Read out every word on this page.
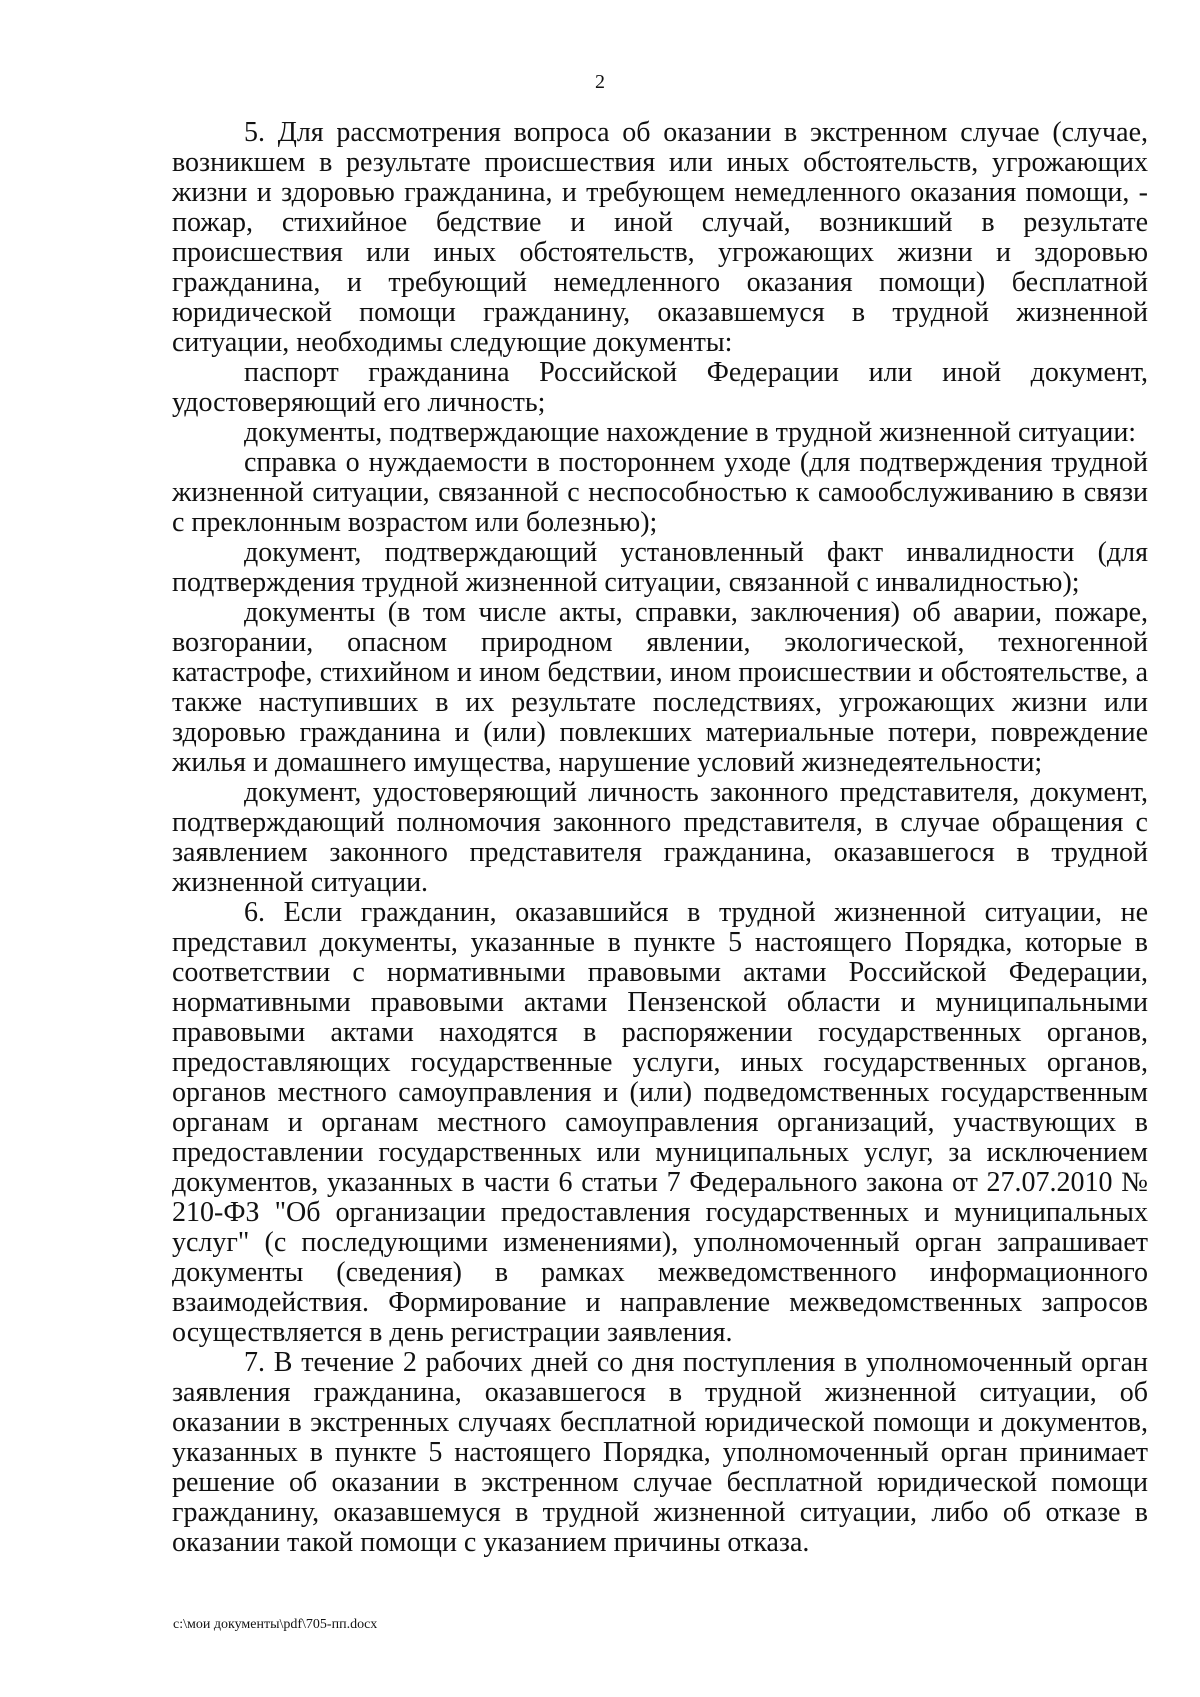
2

5. Для рассмотрения вопроса об оказании в экстренном случае (случае, возникшем в результате происшествия или иных обстоятельств, угрожающих жизни и здоровью гражданина, и требующем немедленного оказания помощи, - пожар, стихийное бедствие и иной случай, возникший в результате происшествия или иных обстоятельств, угрожающих жизни и здоровью гражданина, и требующий немедленного оказания помощи) бесплатной юридической помощи гражданину, оказавшемуся в трудной жизненной ситуации, необходимы следующие документы:

паспорт гражданина Российской Федерации или иной документ, удостоверяющий его личность;

документы, подтверждающие нахождение в трудной жизненной ситуации:

справка о нуждаемости в постороннем уходе (для подтверждения трудной жизненной ситуации, связанной с неспособностью к самообслуживанию в связи с преклонным возрастом или болезнью);

документ, подтверждающий установленный факт инвалидности (для подтверждения трудной жизненной ситуации, связанной с инвалидностью);

документы (в том числе акты, справки, заключения) об аварии, пожаре, возгорании, опасном природном явлении, экологической, техногенной катастрофе, стихийном и ином бедствии, ином происшествии и обстоятельстве, а также наступивших в их результате последствиях, угрожающих жизни или здоровью гражданина и (или) повлекших материальные потери, повреждение жилья и домашнего имущества, нарушение условий жизнедеятельности;

документ, удостоверяющий личность законного представителя, документ, подтверждающий полномочия законного представителя, в случае обращения с заявлением законного представителя гражданина, оказавшегося в трудной жизненной ситуации.

6. Если гражданин, оказавшийся в трудной жизненной ситуации, не представил документы, указанные в пункте 5 настоящего Порядка, которые в соответствии с нормативными правовыми актами Российской Федерации, нормативными правовыми актами Пензенской области и муниципальными правовыми актами находятся в распоряжении государственных органов, предоставляющих государственные услуги, иных государственных органов, органов местного самоуправления и (или) подведомственных государственным органам и органам местного самоуправления организаций, участвующих в предоставлении государственных или муниципальных услуг, за исключением документов, указанных в части 6 статьи 7 Федерального закона от 27.07.2010 № 210-ФЗ "Об организации предоставления государственных и муниципальных услуг" (с последующими изменениями), уполномоченный орган запрашивает документы (сведения) в рамках межведомственного информационного взаимодействия. Формирование и направление межведомственных запросов осуществляется в день регистрации заявления.

7. В течение 2 рабочих дней со дня поступления в уполномоченный орган заявления гражданина, оказавшегося в трудной жизненной ситуации, об оказании в экстренных случаях бесплатной юридической помощи и документов, указанных в пункте 5 настоящего Порядка, уполномоченный орган принимает решение об оказании в экстренном случае бесплатной юридической помощи гражданину, оказавшемуся в трудной жизненной ситуации, либо об отказе в оказании такой помощи с указанием причины отказа.

c:\мои документы\pdf\705-пп.docx
